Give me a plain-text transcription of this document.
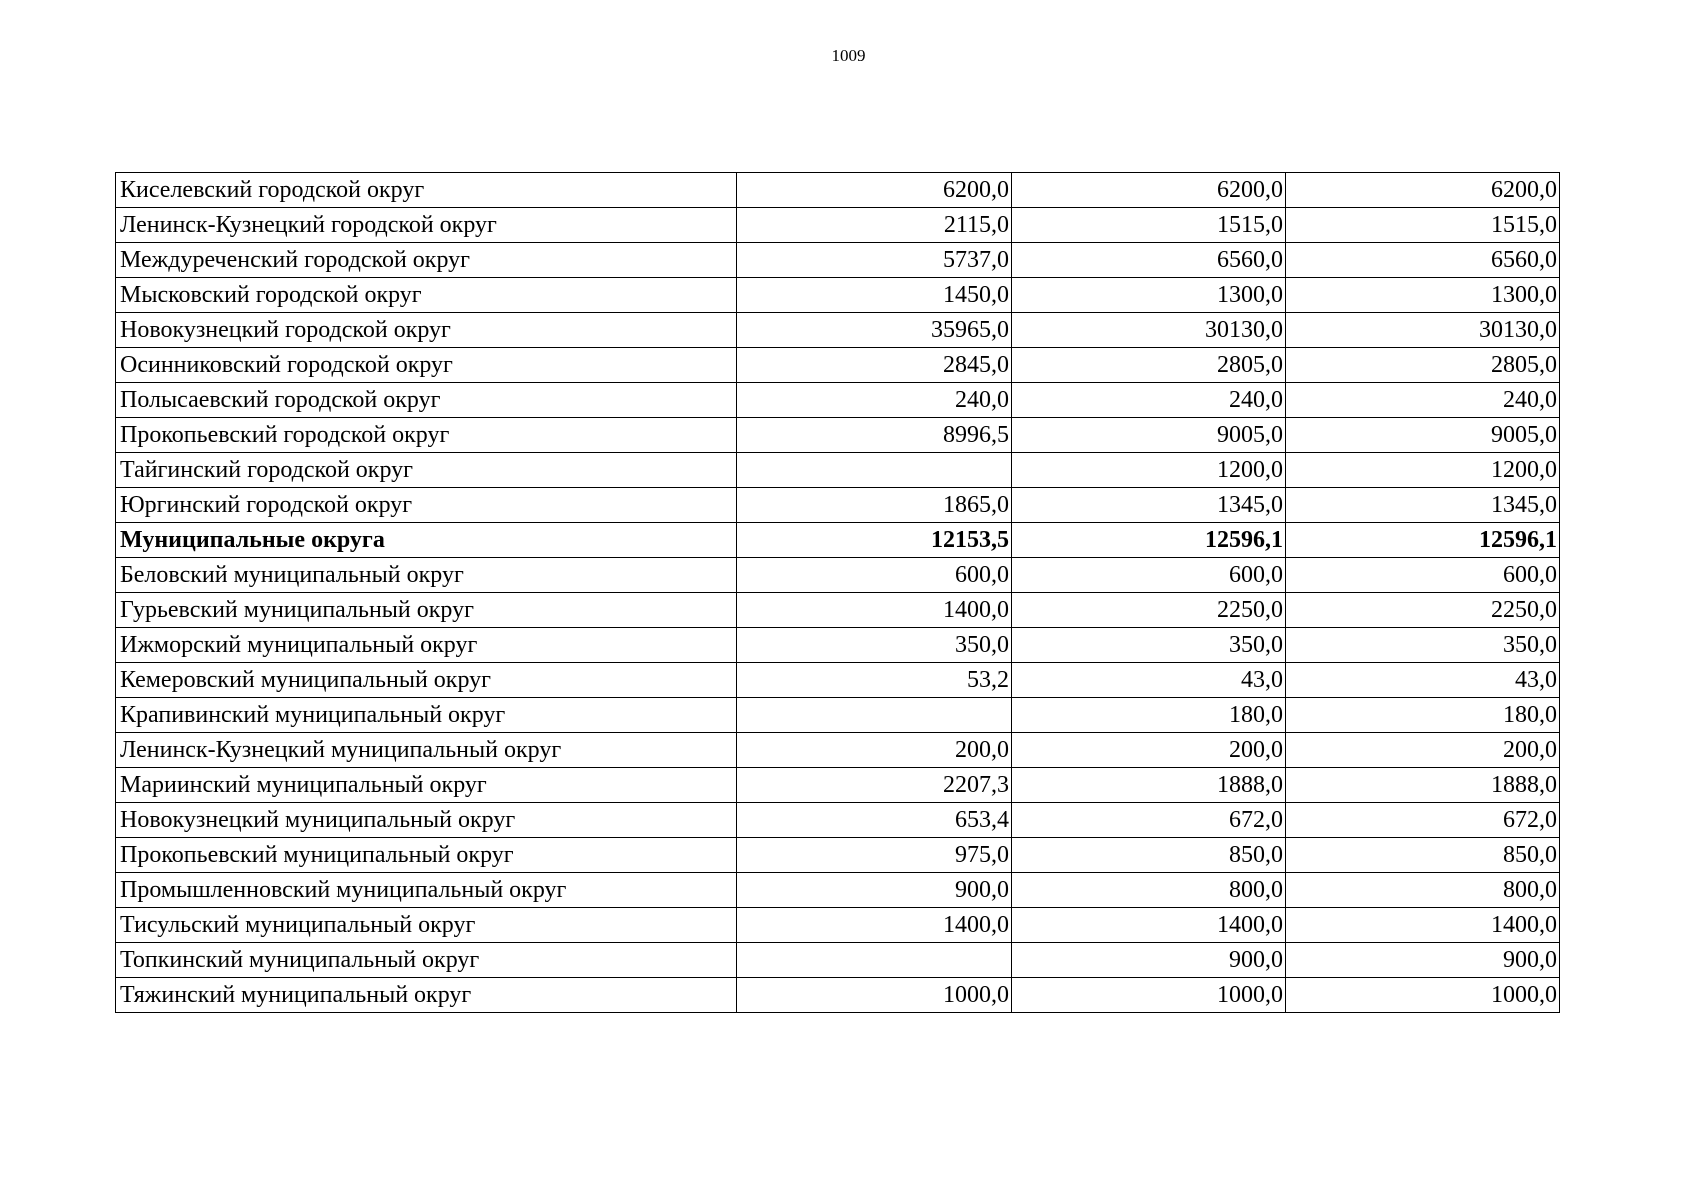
1009
Киселевский городской округ	6200,0	6200,0	6200,0
Ленинск-Кузнецкий городской округ	2115,0	1515,0	1515,0
Междуреченский городской округ	5737,0	6560,0	6560,0
Мысковский городской округ	1450,0	1300,0	1300,0
Новокузнецкий городской округ	35965,0	30130,0	30130,0
Осинниковский городской округ	2845,0	2805,0	2805,0
Полысаевский городской округ	240,0	240,0	240,0
Прокопьевский городской округ	8996,5	9005,0	9005,0
Тайгинский городской округ		1200,0	1200,0
Юргинский городской округ	1865,0	1345,0	1345,0
Муниципальные округа	12153,5	12596,1	12596,1
Беловский муниципальный округ	600,0	600,0	600,0
Гурьевский муниципальный округ	1400,0	2250,0	2250,0
Ижморский муниципальный округ	350,0	350,0	350,0
Кемеровский муниципальный округ	53,2	43,0	43,0
Крапивинский муниципальный округ		180,0	180,0
Ленинск-Кузнецкий муниципальный округ	200,0	200,0	200,0
Мариинский муниципальный округ	2207,3	1888,0	1888,0
Новокузнецкий муниципальный округ	653,4	672,0	672,0
Прокопьевский муниципальный округ	975,0	850,0	850,0
Промышленновский муниципальный округ	900,0	800,0	800,0
Тисульский муниципальный округ	1400,0	1400,0	1400,0
Топкинский муниципальный округ		900,0	900,0
Тяжинский муниципальный округ	1000,0	1000,0	1000,0
